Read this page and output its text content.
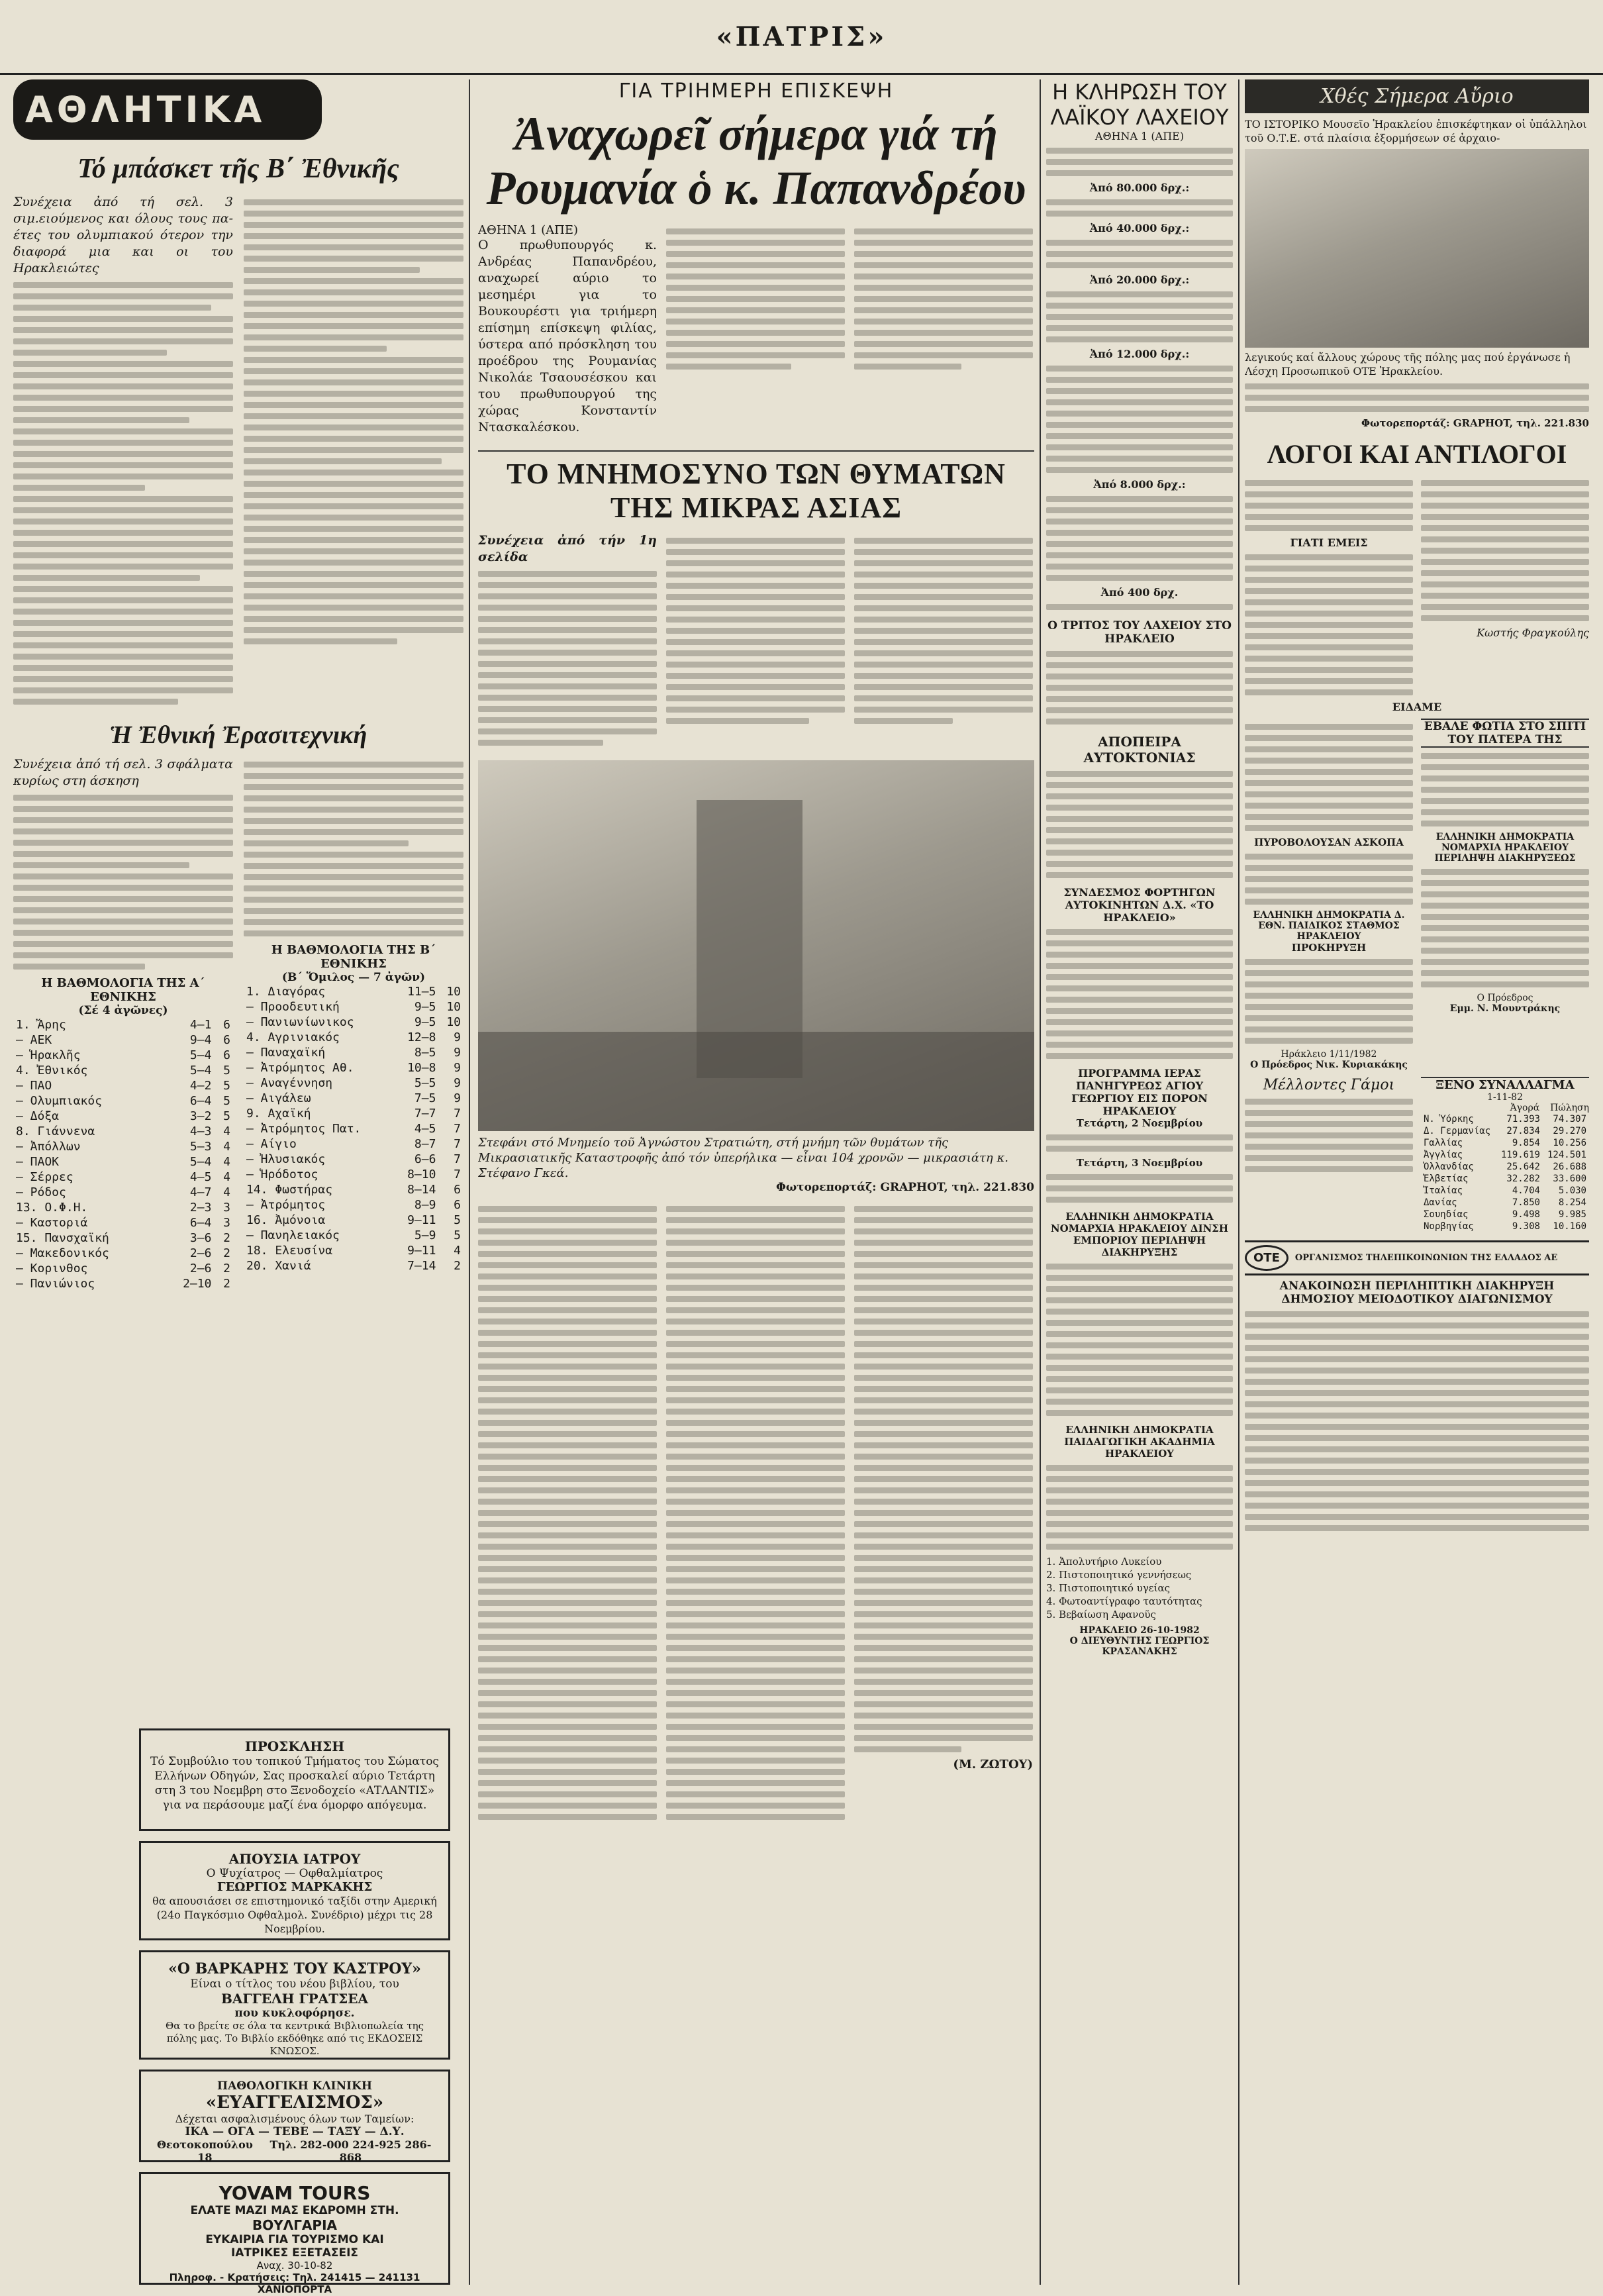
«ΠΑΤΡΙΣ»
ΑΘΛΗΤΙΚΑ
Τό μπάσκετ τῆς Β΄ Ἐθνικῆς

Συνέχεια ἀπό τή σελ. 3 σιμ.ειούμενος και όλους τους πα-έτες του ολυμπιακού ότερον την διαφορά μια και οι του Ηρακλειώτες

Ἡ Ἐθνική Ἐρασιτεχνική

Συνέχεια ἀπό τή σελ. 3 σφάλματα κυρίως στη άσκηση

Η ΒΑΘΜΟΛΟΓΙΑ ΤΗΣ Α΄ ΕΘΝΙΚΗΣ
(Σέ 4 ἀγῶνες)
1. Ἄρης	4—1	6
— ΑΕΚ	9—4	6
— Ἡρακλῆς	5—4	6
4. Ἐθνικός	5—4	5
— ΠΑΟ	4—2	5
— Ολυμπιακός	6—4	5
— Δόξα	3—2	5
8. Γιάννενα	4—3	4
— Ἀπόλλων	5—3	4
— ΠΑΟΚ	5—4	4
— Σέρρες	4—5	4
— Ρόδος	4—7	4
13. Ο.Φ.Η.	2—3	3
— Καστοριά	6—4	3
15. Πανσχαϊκή	3—6	2
— Μακεδονικός	2—6	2
— Κορινθος	2—6	2
— Πανιώνιος	2—10	2
Η ΒΑΘΜΟΛΟΓΙΑ ΤΗΣ Β΄ ΕΘΝΙΚΗΣ
(Β΄ Ὅμιλος — 7 ἀγῶν)
1. Διαγόρας	11—5	10
— Προοδευτική	9—5	10
— Πανιωνίωνικος	9—5	10
4. Αγρινιακός	12—8	9
— Παναχαϊκή	8—5	9
— Ἀτρόμητος Αθ.	10—8	9
— Αναγέννηση	5—5	9
— Αιγάλεω	7—5	9
9. Αχαϊκή	7—7	7
— Ἀτρόμητος Πατ.	4—5	7
— Αίγιο	8—7	7
— Ἠλυσιακός	6—6	7
— Ἡρόδοτος	8—10	7
14. Φωστήρας	8—14	6
— Ἀτρόμητος	8—9	6
16. Ἀμόνοια	9—11	5
— Πανηλειακός	5—9	5
18. Ελευσίνα	9—11	4
20. Χανιά	7—14	2
ΠΡΟΣΚΛΗΣΗ
Τό Συμβούλιο του τοπικού Τμήματος του Σώματος Ελλήνων Οδηγών, Σας προσκαλεί αύριο Τετάρτη στη 3 του Νοεμβρη στο Ξενοδοχείο «ΑΤΛΑΝΤΙΣ» για να περάσουμε μαζί ένα όμορφο απόγευμα.
ΑΠΟΥΣΙΑ ΙΑΤΡΟΥ
Ο Ψυχίατρος — Οφθαλμίατρος
ΓΕΩΡΓΙΟΣ ΜΑΡΚΑΚΗΣ
θα απουσιάσει σε επιστημονικό ταξίδι στην Αμερική (24ο Παγκόσμιο Οφθαλμολ. Συνέδριο) μέχρι τις 28 Νοεμβρίου.
«Ο ΒΑΡΚΑΡΗΣ ΤΟΥ ΚΑΣΤΡΟΥ»
Είναι ο τίτλος του νέου βιβλίου, του
ΒΑΓΓΕΛΗ ΓΡΑΤΣΕΑ
που κυκλοφόρησε.
Θα το βρείτε σε όλα τα κεντρικά Βιβλιοπωλεία της πόλης μας. Το Βιβλίο εκδόθηκε από τις ΕΚΔΟΣΕΙΣ ΚΝΩΣΟΣ.
ΠΑΘΟΛΟΓΙΚΗ ΚΛΙΝΙΚΗ
«ΕΥΑΓΓΕΛΙΣΜΟΣ»
Δέχεται ασφαλισμένους όλων των Ταμείων:
ΙΚΑ — ΟΓΑ — ΤΕΒΕ — ΤΑΞΥ — Δ.Υ.
Θεοτοκοπούλου 18
Τηλ. 282-000 224-925 286-868
YOVAM TOURS
ΕΛΑΤΕ ΜΑΖΙ ΜΑΣ ΕΚΔΡΟΜΗ ΣΤΗ.
ΒΟΥΛΓΑΡΙΑ
ΕΥΚΑΙΡΙΑ ΓΙΑ ΤΟΥΡΙΣΜΟ ΚΑΙ
ΙΑΤΡΙΚΕΣ ΕΞΕΤΑΣΕΙΣ
Αναχ. 30-10-82
Πληροφ. - Κρατήσεις: Τηλ. 241415 — 241131
ΧΑΝΙΟΠΟΡΤΑ
ΓΙΑ ΤΡΙΗΜΕΡΗ ΕΠΙΣΚΕΨΗ
Ἀναχωρεῖ σήμερα γιά τή
Ρουμανία ὁ κ. Παπανδρέου
ΑΘΗΝΑ 1 (ΑΠΕ)

Ο πρωθυπουργός κ. Ανδρέας Παπανδρέου, αναχωρεί αύριο το μεσημέρι για το Βουκουρέστι για τριήμερη επίσημη επίσκεψη φιλίας, ύστερα από πρόσκληση του προέδρου της Ρουμανίας Νικολάε Τσαουσέσκου και του πρωθυπουργού της χώρας Κονσταντίν Ντασκαλέσκου.

ΤΟ ΜΝΗΜΟΣΥΝΟ ΤΩΝ ΘΥΜΑΤΩΝ ΤΗΣ ΜΙΚΡΑΣ ΑΣΙΑΣ

Συνέχεια ἀπό τήν 1η σελίδα

Στεφάνι στό Μνημείο τοῦ Ἀγνώστου Στρατιώτη, στή μνήμη τῶν θυμάτων τῆς Μικρασιατικῆς Καταστροφῆς ἀπό τόν ὑπερήλικα — εἶναι 104 χρονῶν — μικρασιάτη κ. Στέφανο Γκεά.
Φωτορεπορτάζ: GRAPHOT, τηλ. 221.830
(Μ. ΖΩΤΟΥ)
Η ΚΛΗΡΩΣΗ ΤΟΥ ΛΑΪΚΟΥ ΛΑΧΕΙΟΥ
ΑΘΗΝΑ 1 (ΑΠΕ)
Ἀπό 80.000 δρχ.:
Ἀπό 40.000 δρχ.:
Ἀπό 20.000 δρχ.:
Ἀπό 12.000 δρχ.:
Ἀπό 8.000 δρχ.:
Ἀπό 400 δρχ.
Ο ΤΡΙΤΟΣ ΤΟΥ ΛΑΧΕΙΟΥ ΣΤΟ ΗΡΑΚΛΕΙΟ
ΑΠΟΠΕΙΡΑ ΑΥΤΟΚΤΟΝΙΑΣ
ΣΥΝΔΕΣΜΟΣ ΦΟΡΤΗΓΩΝ ΑΥΤΟΚΙΝΗΤΩΝ Δ.Χ. «ΤΟ ΗΡΑΚΛΕΙΟ»
ΠΡΟΓΡΑΜΜΑ ΙΕΡΑΣ ΠΑΝΗΓΥΡΕΩΣ ΑΓΙΟΥ ΓΕΩΡΓΙΟΥ ΕΙΣ ΠΟΡΟΝ ΗΡΑΚΛΕΙΟΥ
Τετάρτη, 2 Νοεμβρίου
Τετάρτη, 3 Νοεμβρίου
ΕΛΛΗΝΙΚΗ ΔΗΜΟΚΡΑΤΙΑ ΝΟΜΑΡΧΙΑ ΗΡΑΚΛΕΙΟΥ ΔΙΝΣΗ ΕΜΠΟΡΙΟΥ ΠΕΡΙΛΗΨΗ ΔΙΑΚΗΡΥΞΗΣ
ΕΛΛΗΝΙΚΗ ΔΗΜΟΚΡΑΤΙΑ ΠΑΙΔΑΓΩΓΙΚΗ ΑΚΑΔΗΜΙΑ ΗΡΑΚΛΕΙΟΥ
1. Ἀπολυτήριο Λυκείου
2. Πιστοποιητικό γεννήσεως
3. Πιστοποιητικό υγείας
4. Φωτοαντίγραφο ταυτότητας
5. Βεβαίωση Αφανοῦς
ΗΡΑΚΛΕΙΟ 26-10-1982
Ο ΔΙΕΥΘΥΝΤΗΣ ΓΕΩΡΓΙΟΣ ΚΡΑΣΑΝΑΚΗΣ
Χθές Σήμερα Αὔριο
ΤΟ ΙΣΤΟΡΙΚΟ Μουσεῖο Ἡρακλείου ἐπισκέφτηκαν οἱ ὑπάλληλοι τοῦ Ο.Τ.Ε. στά πλαίσια ἑξορμήσεων σέ ἀρχαιο-
λεγικούς καί ἄλλους χώρους τῆς πόλης μας πού ἐργάνωσε ἡ Λέσχη Προσωπικοῦ ΟΤΕ Ἡρακλείου.
Φωτορεπορτάζ: GRAPHOT, τηλ. 221.830
ΛΟΓΟΙ ΚΑΙ ΑΝΤΙΛΟΓΟΙ
ΓΙΑΤΙ ΕΜΕΙΣ
Κωστής Φραγκούλης
ΕΙΔΑΜΕ
ΠΥΡΟΒΟΛΟΥΣΑΝ ΑΣΚΟΠΑ
ΕΛΛΗΝΙΚΗ ΔΗΜΟΚΡΑΤΙΑ Δ. ΕΘΝ. ΠΑΙΔΙΚΟΣ ΣΤΑΘΜΟΣ ΗΡΑΚΛΕΙΟΥ
ΠΡΟΚΗΡΥΞΗ
Ηράκλειο 1/11/1982
Ο Πρόεδρος Νικ. Κυριακάκης
ΕΒΑΛΕ ΦΩΤΙΑ ΣΤΟ ΣΠΙΤΙ ΤΟΥ ΠΑΤΕΡΑ ΤΗΣ
ΕΛΛΗΝΙΚΗ ΔΗΜΟΚΡΑΤΙΑ ΝΟΜΑΡΧΙΑ ΗΡΑΚΛΕΙΟΥ ΠΕΡΙΛΗΨΗ ΔΙΑΚΗΡΥΞΕΩΣ
Ο Πρόεδρος
Εμμ. Ν. Μουντράκης
Μέλλοντες Γάμοι	ΞΕΝΟ ΣΥΝΑΛΛΑΓΜΑ
1-11-82
Ἀγορά Πώληση
Ν. Ὑόρκης	71.393	74.307
Δ. Γερμανίας	27.834	29.270
Γαλλίας	9.854	10.256
Ἀγγλίας	119.619	124.501
Ὁλλανδίας	25.642	26.688
Ἐλβετίας	32.282	33.600
Ἰταλίας	4.704	5.030
Δανίας	7.850	8.254
Σουηδίας	9.498	9.985
Νορβηγίας	9.308	10.160
ΟΤΕ	ΟΡΓΑΝΙΣΜΟΣ ΤΗΛΕΠΙΚΟΙΝΩΝΙΩΝ ΤΗΣ ΕΛΛΑΔΟΣ ΑΕ
ΑΝΑΚΟΙΝΩΣΗ ΠΕΡΙΛΗΠΤΙΚΗ ΔΙΑΚΗΡΥΞΗ ΔΗΜΟΣΙΟΥ ΜΕΙΟΔΟΤΙΚΟΥ ΔΙΑΓΩΝΙΣΜΟΥ
